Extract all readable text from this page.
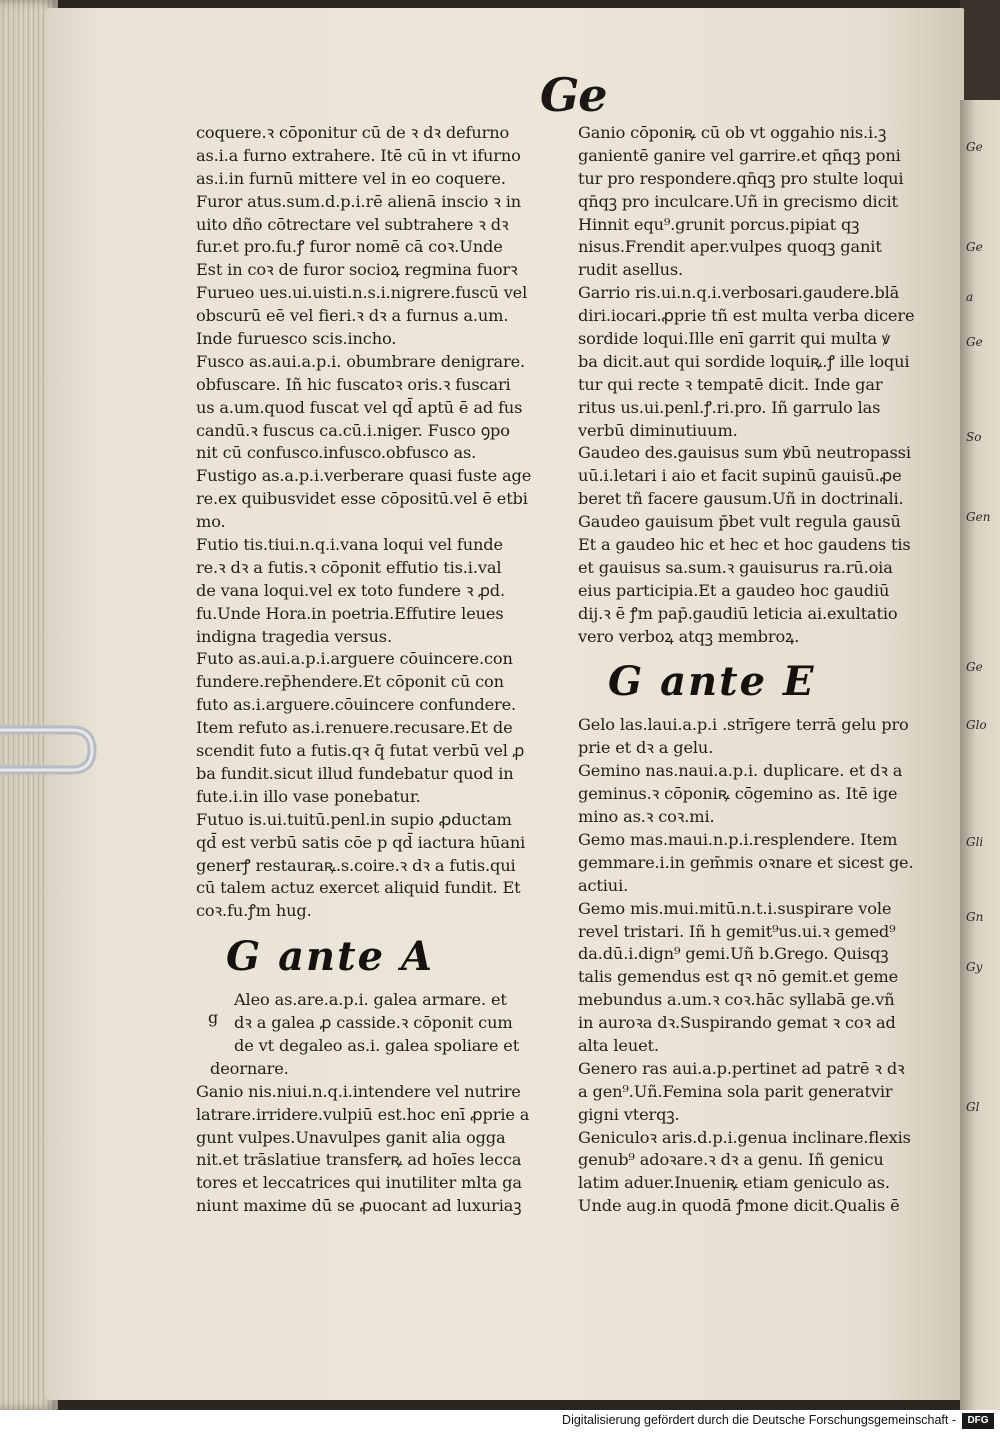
Ge
Ge
a
Ge
So
Gen
Ge
Glo
Gli
Gn
Gy
Gl
Ge
coquere.ꝛ cōponitur cū de ꝛ dꝛ defurno
as.i.a furno extrahere. Itē cū in vt ifurno
as.i.in furnū mittere vel in eo coquere.
Furor atus.sum.d.p.i.rē alienā inscio ꝛ in
uito dño cōtrectare vel subtrahere ꝛ dꝛ
fur.et pro.fu.ꝭ furor nomē cā coꝛ.Unde
Est in coꝛ de furor socioꝝ regmina fuorꝛ
Furueo ues.ui.uisti.n.s.i.nigrere.fuscū vel
obscurū eē vel fieri.ꝛ dꝛ a furnus a.um.
Inde furuesco scis.incho.
Fusco as.aui.a.p.i. obumbrare denigrare.
obfuscare. Iñ hic fuscatoꝛ oris.ꝛ fuscari
us a.um.quod fuscat vel qd̄ aptū ē ad fus
candū.ꝛ fuscus ca.cū.i.niger. Fusco ꝯpo
nit cū confusco.infusco.obfusco as.
Fustigo as.a.p.i.verberare quasi fuste age
re.ex quibusvidet esse cōpositū.vel ē etbi
mo.
Futio tis.tiui.n.q.i.vana loqui vel funde
re.ꝛ dꝛ a futis.ꝛ cōponit effutio tis.i.val
de vana loqui.vel ex toto fundere ꝛ ꝓd.
fu.Unde Hora.in poetria.Effutire leues
indigna tragedia versus.
Futo as.aui.a.p.i.arguere cōuincere.con
fundere.rep̄hendere.Et cōponit cū con
futo as.i.arguere.cōuincere confundere.
Item refuto as.i.renuere.recusare.Et de
scendit futo a futis.qꝛ q̄ futat verbū vel ꝓ
ba fundit.sicut illud fundebatur quod in
fute.i.in illo vase ponebatur.
Futuo is.ui.tuitū.penl.in supio ꝓductam
qd̄ est verbū satis cōe p qd̄ iactura hūani
generꝭ restauraꝶ.s.coire.ꝛ dꝛ a futis.qui
cū talem actuz exercet aliquid fundit. Et
coꝛ.fu.ꝭm hug.
G ante A
Aleo as.are.a.p.i. galea armare. et
dꝛ a galea ꝓ casside.ꝛ cōponit cum
de vt degaleo as.i. galea spoliare et
deornare.
Ganio nis.niui.n.q.i.intendere vel nutrire
latrare.irridere.vulpiū est.hoc enī ꝓprie a
gunt vulpes.Unavulpes ganit alia ogga
nit.et trāslatiue transferꝶ ad hoīes lecca
tores et leccatrices qui inutiliter mlta ga
niunt maxime dū se ꝓuocant ad luxuriaꝫ
g
Ganio cōponiꝶ cū ob vt oggahio nis.i.ꝫ
ganientē ganire vel garrire.et qn̄qꝫ poni
tur pro respondere.qn̄qꝫ pro stulte loqui
qn̄qꝫ pro inculcare.Uñ in grecismo dicit
Hinnit equ⁹.grunit porcus.pipiat qꝫ
nisus.Frendit aper.vulpes quoqꝫ ganit
rudit asellus.
Garrio ris.ui.n.q.i.verbosari.gaudere.blā
diri.iocari.ꝓprie tñ est multa verba dicere
sordide loqui.Ille enī garrit qui multa ꝟ
ba dicit.aut qui sordide loquiꝶ.ꝭ ille loqui
tur qui recte ꝛ tempatē dicit. Inde gar
ritus us.ui.penl.ꝭ.ri.pro. Iñ garrulo las
verbū diminutiuum.
Gaudeo des.gauisus sum ꝟbū neutropassi
uū.i.letari i aio et facit supinū gauisū.ꝓe
beret tñ facere gausum.Uñ in doctrinali.
Gaudeo gauisum p̄bet vult regula gausū
Et a gaudeo hic et hec et hoc gaudens tis
et gauisus sa.sum.ꝛ gauisurus ra.rū.oia
eius participia.Et a gaudeo hoc gaudiū
dij.ꝛ ē ꝭm pap̄.gaudiū leticia ai.exultatio
vero verboꝝ atqꝫ membroꝝ.
G ante E
Gelo las.laui.a.p.i .strīgere terrā gelu pro
prie et dꝛ a gelu.
Gemino nas.naui.a.p.i. duplicare. et dꝛ a
geminus.ꝛ cōponiꝶ cōgemino as. Itē ige
mino as.ꝛ coꝛ.mi.
Gemo mas.maui.n.p.i.resplendere. Item
gemmare.i.in gem̄mis oꝛnare et sicest ge.
actiui.
Gemo mis.mui.mitū.n.t.i.suspirare vole
revel tristari. Iñ h gemit⁹us.ui.ꝛ gemed⁹
da.dū.i.dign⁹ gemi.Uñ b.Grego. Quisqꝫ
talis gemendus est qꝛ nō gemit.et geme
mebundus a.um.ꝛ coꝛ.hāc syllabā ge.vñ
in auroꝛa dꝛ.Suspirando gemat ꝛ coꝛ ad
alta leuet.
Genero ras aui.a.p.pertinet ad patrē ꝛ dꝛ
a gen⁹.Uñ.Femina sola parit generatvir
gigni vterqꝫ.
Geniculoꝛ aris.d.p.i.genua inclinare.flexis
genub⁹ adoꝛare.ꝛ dꝛ a genu. Iñ genicu
latim aduer.Inueniꝶ etiam geniculo as.
Unde aug.in quodā ꝭmone dicit.Qualis ē
Digitalisierung gefördert durch die Deutsche Forschungsgemeinschaft -	DFG
